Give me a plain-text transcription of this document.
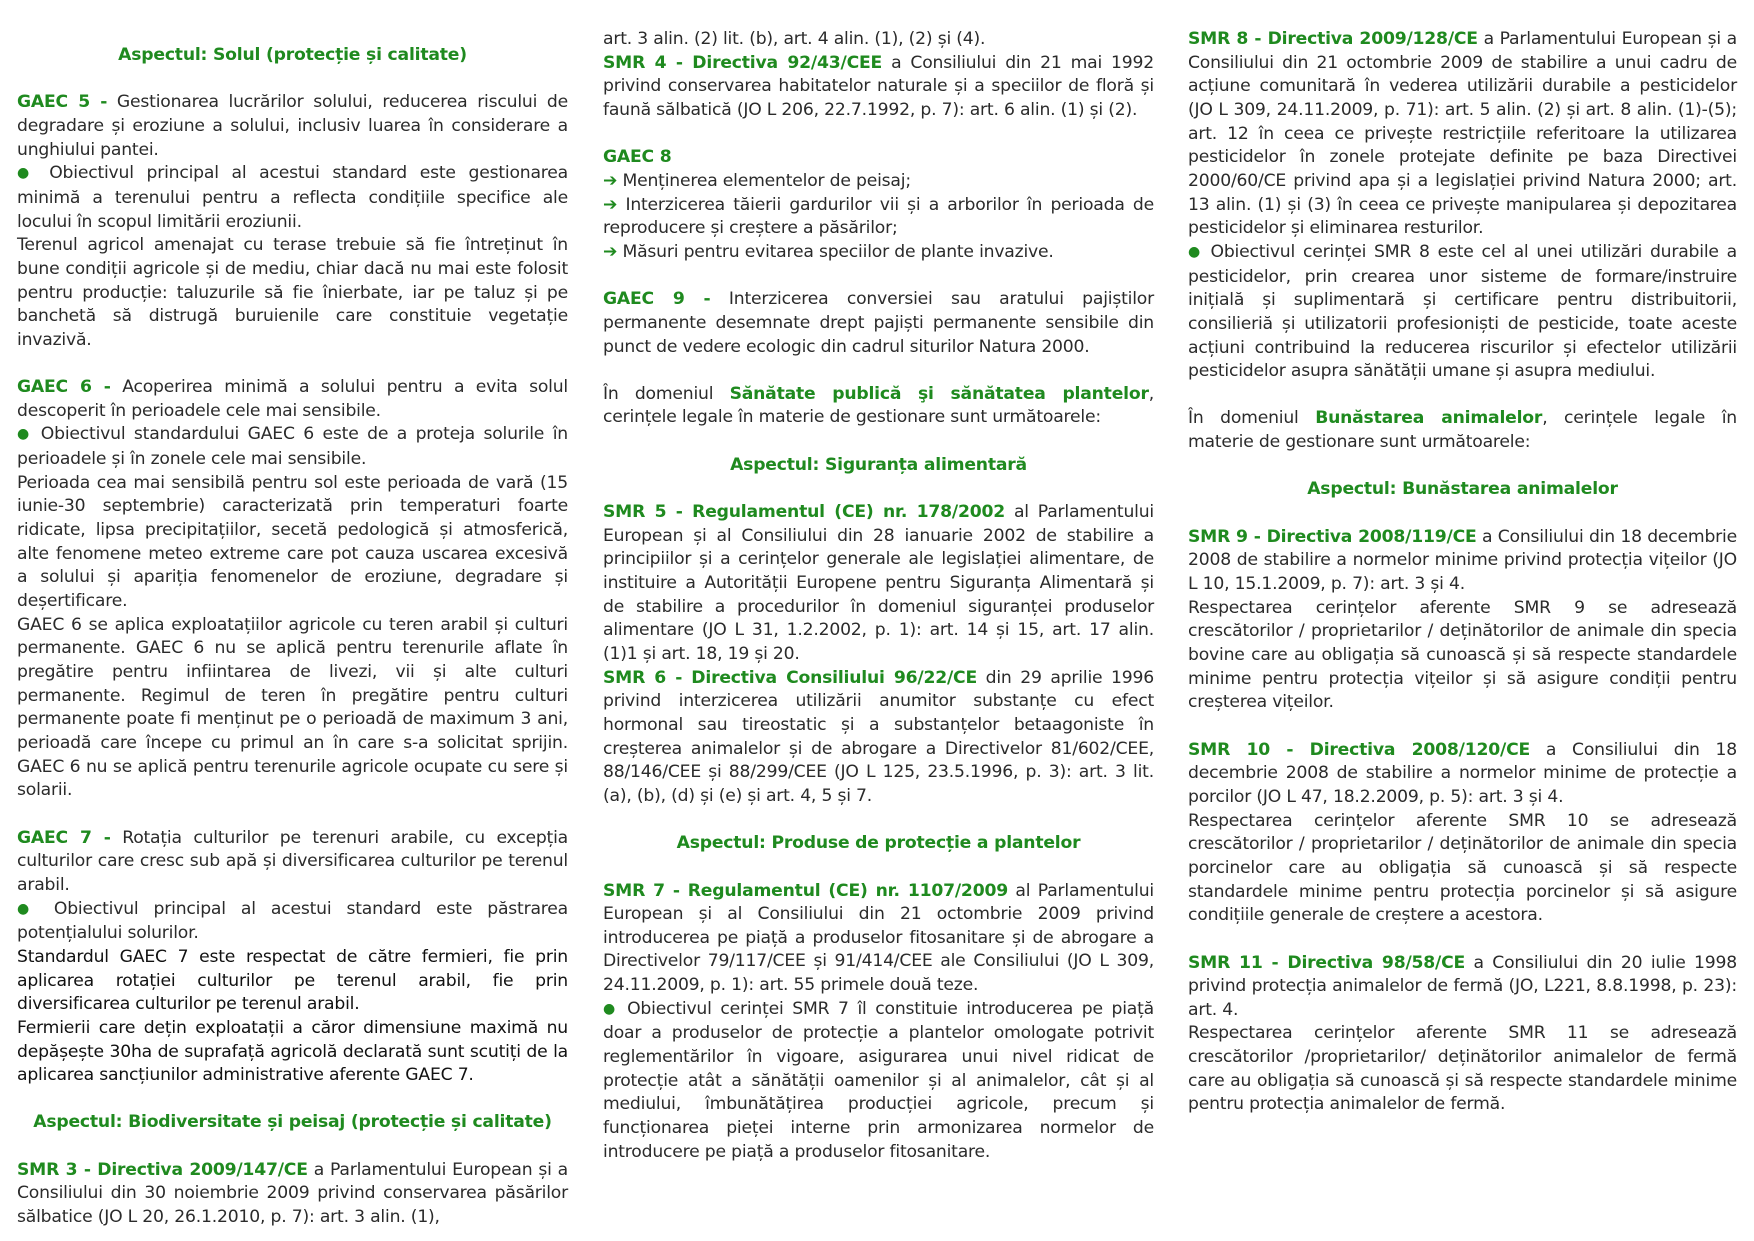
Aspectul: Solul (protecție și calitate)
GAEC 5 - Gestionarea lucrărilor solului, reducerea riscului de degradare și eroziune a solului, inclusiv luarea în considerare a unghiului pantei.
● Obiectivul principal al acestui standard este gestionarea minimă a terenului pentru a reflecta condițiile specifice ale locului în scopul limitării eroziunii.
Terenul agricol amenajat cu terase trebuie să fie întreținut în bune condiții agricole și de mediu, chiar dacă nu mai este folosit pentru producție: taluzurile să fie înierbate, iar pe taluz și pe banchetă să distrugă buruienile care constituie vegetație invazivă.
GAEC 6 - Acoperirea minimă a solului pentru a evita solul descoperit în perioadele cele mai sensibile.
● Obiectivul standardului GAEC 6 este de a proteja solurile în perioadele și în zonele cele mai sensibile.
Perioada cea mai sensibilă pentru sol este perioada de vară (15 iunie-30 septembrie) caracterizată prin temperaturi foarte ridicate, lipsa precipitațiilor, secetă pedologică și atmosferică, alte fenomene meteo extreme care pot cauza uscarea excesivă a solului și apariția fenomenelor de eroziune, degradare și deșertificare.
GAEC 6 se aplica exploatațiilor agricole cu teren arabil și culturi permanente. GAEC 6 nu se aplică pentru terenurile aflate în pregătire pentru infiintarea de livezi, vii și alte culturi permanente. Regimul de teren în pregătire pentru culturi permanente poate fi menținut pe o perioadă de maximum 3 ani, perioadă care începe cu primul an în care s-a solicitat sprijin. GAEC 6 nu se aplică pentru terenurile agricole ocupate cu sere și solarii.
GAEC 7 - Rotația culturilor pe terenuri arabile, cu excepția culturilor care cresc sub apă și diversificarea culturilor pe terenul arabil.
● Obiectivul principal al acestui standard este păstrarea potențialului solurilor.
Standardul GAEC 7 este respectat de către fermieri, fie prin aplicarea rotației culturilor pe terenul arabil, fie prin diversificarea culturilor pe terenul arabil.
Fermierii care dețin exploatații a căror dimensiune maximă nu depășește 30ha de suprafață agricolă declarată sunt scutiți de la aplicarea sancțiunilor administrative aferente GAEC 7.
Aspectul: Biodiversitate și peisaj (protecție și calitate)
SMR 3 - Directiva 2009/147/CE a Parlamentului European și a Consiliului din 30 noiembrie 2009 privind conservarea păsărilor sălbatice (JO L 20, 26.1.2010, p. 7): art. 3 alin. (1),
art. 3 alin. (2) lit. (b), art. 4 alin. (1), (2) și (4).
SMR 4 - Directiva 92/43/CEE a Consiliului din 21 mai 1992 privind conservarea habitatelor naturale și a speciilor de floră și faună sălbatică (JO L 206, 22.7.1992, p. 7): art. 6 alin. (1) și (2).
GAEC 8
➔ Menținerea elementelor de peisaj;
➔ Interzicerea tăierii gardurilor vii și a arborilor în perioada de reproducere și creștere a păsărilor;
➔ Măsuri pentru evitarea speciilor de plante invazive.
GAEC 9 - Interzicerea conversiei sau aratului pajiștilor permanente desemnate drept pajiști permanente sensibile din punct de vedere ecologic din cadrul siturilor Natura 2000.
În domeniul Sănătate publică şi sănătatea plantelor, cerințele legale în materie de gestionare sunt următoarele:
Aspectul: Siguranța alimentară
SMR 5 - Regulamentul (CE) nr. 178/2002 al Parlamentului European și al Consiliului din 28 ianuarie 2002 de stabilire a principiilor și a cerințelor generale ale legislației alimentare, de instituire a Autorității Europene pentru Siguranța Alimentară și de stabilire a procedurilor în domeniul siguranței produselor alimentare (JO L 31, 1.2.2002, p. 1): art. 14 și 15, art. 17 alin. (1)1 și art. 18, 19 și 20.
SMR 6 - Directiva Consiliului 96/22/CE din 29 aprilie 1996 privind interzicerea utilizării anumitor substanțe cu efect hormonal sau tireostatic și a substanțelor betaagoniste în creșterea animalelor și de abrogare a Directivelor 81/602/CEE, 88/146/CEE și 88/299/CEE (JO L 125, 23.5.1996, p. 3): art. 3 lit. (a), (b), (d) și (e) și art. 4, 5 și 7.
Aspectul: Produse de protecție a plantelor
SMR 7 - Regulamentul (CE) nr. 1107/2009 al Parlamentului European și al Consiliului din 21 octombrie 2009 privind introducerea pe piață a produselor fitosanitare și de abrogare a Directivelor 79/117/CEE și 91/414/CEE ale Consiliului (JO L 309, 24.11.2009, p. 1): art. 55 primele două teze.
● Obiectivul cerinței SMR 7 îl constituie introducerea pe piață doar a produselor de protecție a plantelor omologate potrivit reglementărilor în vigoare, asigurarea unui nivel ridicat de protecție atât a sănătății oamenilor și al animalelor, cât și al mediului, îmbunătățirea producției agricole, precum și funcționarea pieței interne prin armonizarea normelor de introducere pe piață a produselor fitosanitare.
SMR 8 - Directiva 2009/128/CE a Parlamentului European și a Consiliului din 21 octombrie 2009 de stabilire a unui cadru de acțiune comunitară în vederea utilizării durabile a pesticidelor (JO L 309, 24.11.2009, p. 71): art. 5 alin. (2) și art. 8 alin. (1)-(5); art. 12 în ceea ce privește restricțiile referitoare la utilizarea pesticidelor în zonele protejate definite pe baza Directivei 2000/60/CE privind apa și a legislației privind Natura 2000; art. 13 alin. (1) și (3) în ceea ce privește manipularea și depozitarea pesticidelor și eliminarea resturilor.
● Obiectivul cerinței SMR 8 este cel al unei utilizări durabile a pesticidelor, prin crearea unor sisteme de formare/instruire inițială și suplimentară și certificare pentru distribuitorii, consilieriă și utilizatorii profesioniști de pesticide, toate aceste acțiuni contribuind la reducerea riscurilor și efectelor utilizării pesticidelor asupra sănătății umane și asupra mediului.
În domeniul Bunăstarea animalelor, cerințele legale în materie de gestionare sunt următoarele:
Aspectul: Bunăstarea animalelor
SMR 9 - Directiva 2008/119/CE a Consiliului din 18 decembrie 2008 de stabilire a normelor minime privind protecția vițeilor (JO L 10, 15.1.2009, p. 7): art. 3 și 4.
Respectarea cerințelor aferente SMR 9 se adresează crescătorilor / proprietarilor / deținătorilor de animale din specia bovine care au obligația să cunoască și să respecte standardele minime pentru protecția vițeilor și să asigure condiții pentru creșterea vițeilor.
SMR 10 - Directiva 2008/120/CE a Consiliului din 18 decembrie 2008 de stabilire a normelor minime de protecție a porcilor (JO L 47, 18.2.2009, p. 5): art. 3 și 4.
Respectarea cerințelor aferente SMR 10 se adresează crescătorilor / proprietarilor / deținătorilor de animale din specia porcinelor care au obligația să cunoască și să respecte standardele minime pentru protecția porcinelor și să asigure condițiile generale de creștere a acestora.
SMR 11 - Directiva 98/58/CE a Consiliului din 20 iulie 1998 privind protecția animalelor de fermă (JO, L221, 8.8.1998, p. 23): art. 4.
Respectarea cerințelor aferente SMR 11 se adresează crescătorilor /proprietarilor/ deținătorilor animalelor de fermă care au obligația să cunoască și să respecte standardele minime pentru protecția animalelor de fermă.
